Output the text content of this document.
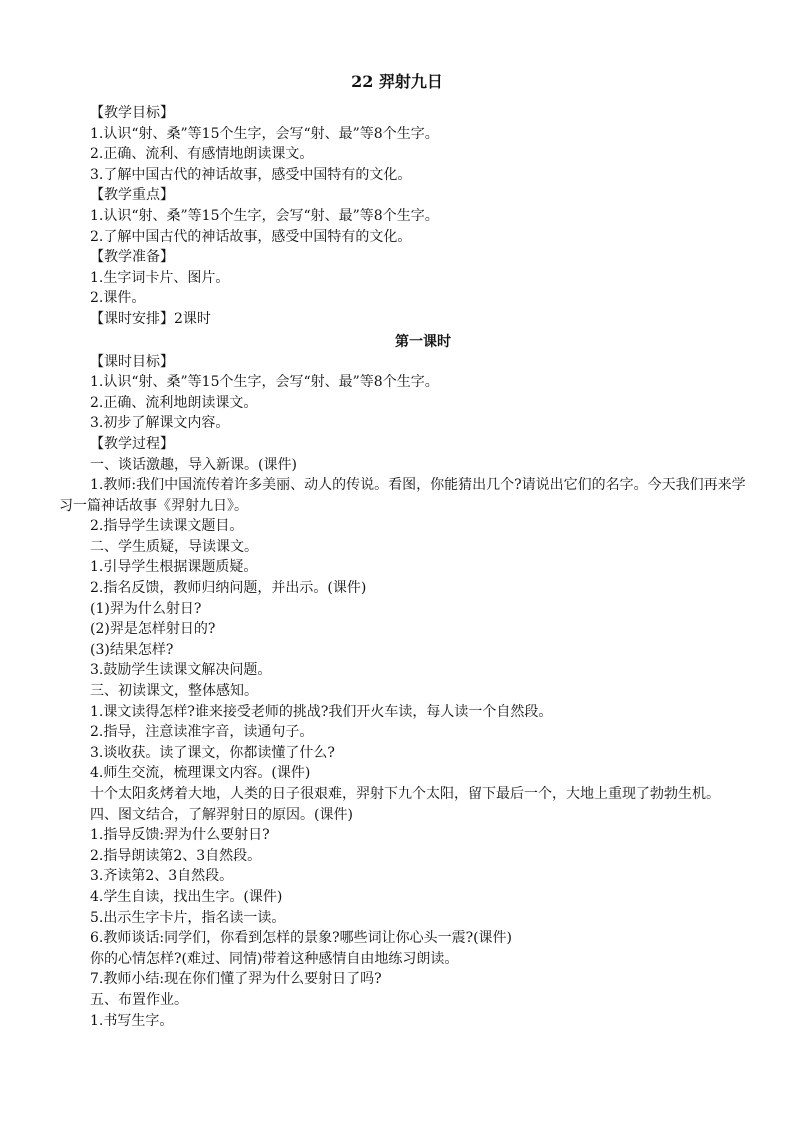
22 羿射九日
【教学目标】
1.认识“射、桑”等15个生字，会写“射、最”等8个生字。
2.正确、流利、有感情地朗读课文。
3.了解中国古代的神话故事，感受中国特有的文化。
【教学重点】
1.认识“射、桑”等15个生字，会写“射、最”等8个生字。
2.了解中国古代的神话故事，感受中国特有的文化。
【教学准备】
1.生字词卡片、图片。
2.课件。
【课时安排】2课时
第一课时
【课时目标】
1.认识“射、桑”等15个生字，会写“射、最”等8个生字。
2.正确、流利地朗读课文。
3.初步了解课文内容。
【教学过程】
一、谈话激趣，导入新课。(课件)
1.教师:我们中国流传着许多美丽、动人的传说。看图，你能猜出几个?请说出它们的名字。今天我们再来学习一篇神话故事《羿射九日》。
2.指导学生读课文题目。
二、学生质疑，导读课文。
1.引导学生根据课题质疑。
2.指名反馈，教师归纳问题，并出示。(课件)
(1)羿为什么射日?
(2)羿是怎样射日的?
(3)结果怎样?
3.鼓励学生读课文解决问题。
三、初读课文，整体感知。
1.课文读得怎样?谁来接受老师的挑战?我们开火车读，每人读一个自然段。
2.指导，注意读准字音，读通句子。
3.谈收获。读了课文，你都读懂了什么?
4.师生交流，梳理课文内容。(课件)
十个太阳炙烤着大地，人类的日子很艰难，羿射下九个太阳，留下最后一个，大地上重现了勃勃生机。
四、图文结合，了解羿射日的原因。(课件)
1.指导反馈:羿为什么要射日?
2.指导朗读第2、3自然段。
3.齐读第2、3自然段。
4.学生自读，找出生字。(课件)
5.出示生字卡片，指名读一读。
6.教师谈话:同学们，你看到怎样的景象?哪些词让你心头一震?(课件)
你的心情怎样?(难过、同情)带着这种感情自由地练习朗读。
7.教师小结:现在你们懂了羿为什么要射日了吗?
五、布置作业。
1.书写生字。
